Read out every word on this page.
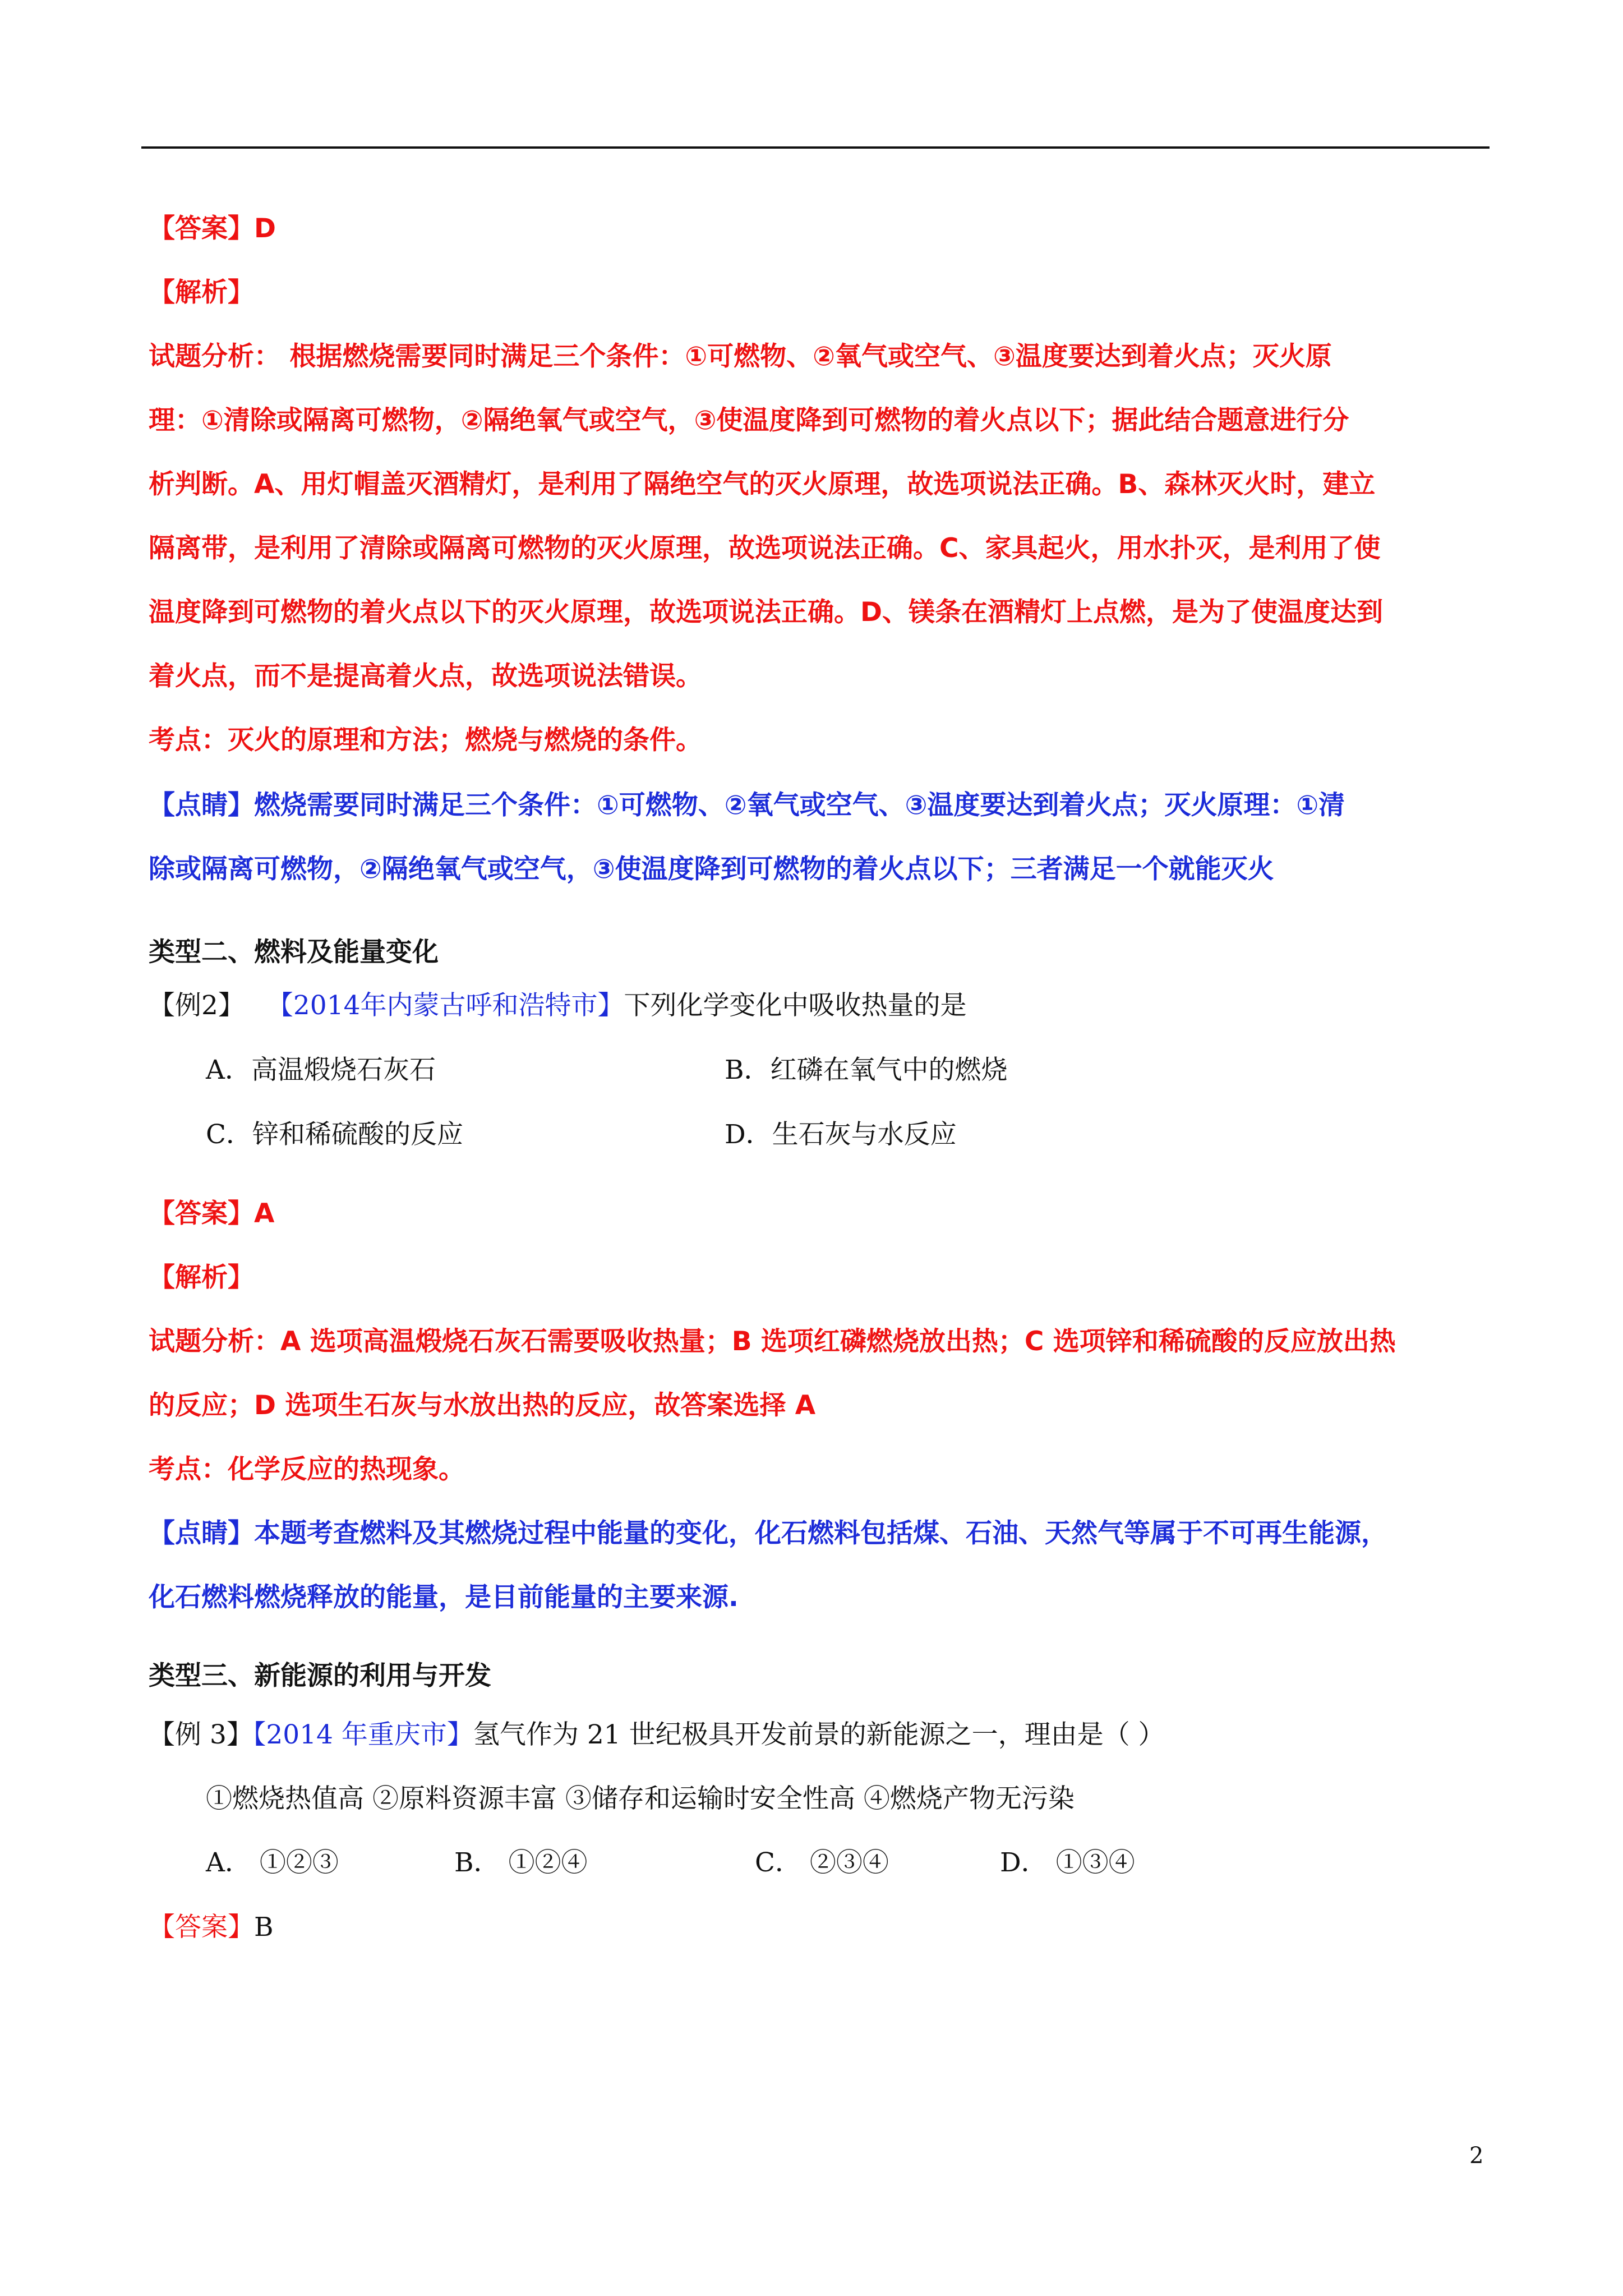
【答案】D
【解析】
试题分析： 根据燃烧需要同时满足三个条件：①可燃物、②氧气或空气、③温度要达到着火点；灭火原
理：①清除或隔离可燃物，②隔绝氧气或空气，③使温度降到可燃物的着火点以下；据此结合题意进行分
析判断。A、用灯帽盖灭酒精灯，是利用了隔绝空气的灭火原理，故选项说法正确。B、森林灭火时，建立
隔离带，是利用了清除或隔离可燃物的灭火原理，故选项说法正确。C、家具起火，用水扑灭，是利用了使
温度降到可燃物的着火点以下的灭火原理，故选项说法正确。D、镁条在酒精灯上点燃，是为了使温度达到
着火点，而不是提高着火点，故选项说法错误。
考点：灭火的原理和方法；燃烧与燃烧的条件。
【点睛】燃烧需要同时满足三个条件：①可燃物、②氧气或空气、③温度要达到着火点；灭火原理：①清
除或隔离可燃物，②隔绝氧气或空气，③使温度降到可燃物的着火点以下；三者满足一个就能灭火
类型二、燃料及能量变化
【例2】 【2014年内蒙古呼和浩特市】下列化学变化中吸收热量的是
A．高温煅烧石灰石	B．红磷在氧气中的燃烧
C．锌和稀硫酸的反应	D．生石灰与水反应
【答案】A
【解析】
试题分析：A 选项高温煅烧石灰石需要吸收热量；B 选项红磷燃烧放出热；C 选项锌和稀硫酸的反应放出热
的反应；D 选项生石灰与水放出热的反应，故答案选择 A
考点：化学反应的热现象。
【点睛】本题考查燃料及其燃烧过程中能量的变化，化石燃料包括煤、石油、天然气等属于不可再生能源，
化石燃料燃烧释放的能量，是目前能量的主要来源.
类型三、新能源的利用与开发
【例 3】【2014 年重庆市】氢气作为 21 世纪极具开发前景的新能源之一，理由是（ ）
①燃烧热值高 ②原料资源丰富 ③储存和运输时安全性高 ④燃烧产物无污染
A． ①②③	B． ①②④	C． ②③④	D． ①③④
【答案】B
2
